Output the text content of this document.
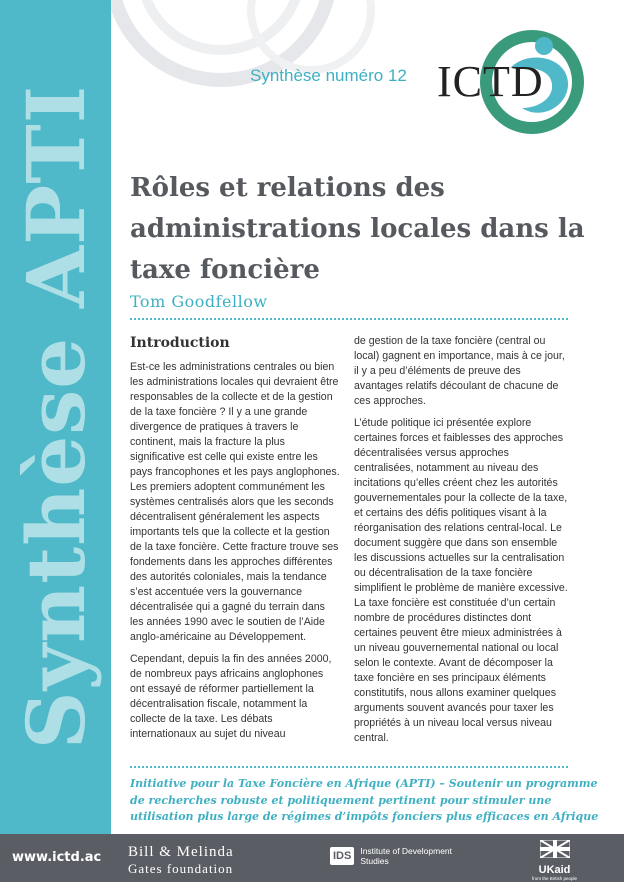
Synthèse APTI
Synthèse numéro 12 ICTD
Rôles et relations des administrations locales dans la taxe foncière
Tom Goodfellow
Introduction

Est-ce les administrations centrales ou bien les administrations locales qui devraient être responsables de la collecte et de la gestion de la taxe foncière ? Il y a une grande divergence de pratiques à travers le continent, mais la fracture la plus significative est celle qui existe entre les pays francophones et les pays anglophones. Les premiers adoptent communément les systèmes centralisés alors que les seconds décentralisent généralement les aspects importants tels que la collecte et la gestion de la taxe foncière. Cette fracture trouve ses fondements dans les approches différentes des autorités coloniales, mais la tendance s’est accentuée vers la gouvernance décentralisée qui a gagné du terrain dans les années 1990 avec le soutien de l’Aide anglo-américaine au Développement.

Cependant, depuis la fin des années 2000, de nombreux pays africains anglophones ont essayé de réformer partiellement la décentralisation fiscale, notamment la collecte de la taxe. Les débats internationaux au sujet du niveau

de gestion de la taxe foncière (central ou local) gagnent en importance, mais à ce jour, il y a peu d’éléments de preuve des avantages relatifs découlant de chacune de ces approches.

L’étude politique ici présentée explore certaines forces et faiblesses des approches décentralisées versus approches centralisées, notamment au niveau des incitations qu’elles créent chez les autorités gouvernementales pour la collecte de la taxe, et certains des défis politiques visant à la réorganisation des relations central-local. Le document suggère que dans son ensemble les discussions actuelles sur la centralisation ou décentralisation de la taxe foncière simplifient le problème de manière excessive. La taxe foncière est constituée d’un certain nombre de procédures distinctes dont certaines peuvent être mieux administrées à un niveau gouvernemental national ou local selon le contexte. Avant de décomposer la taxe foncière en ses principaux éléments constitutifs, nous allons examiner quelques arguments souvent avancés pour taxer les propriétés à un niveau local versus niveau central.

Initiative pour la Taxe Foncière en Afrique (APTI) – Soutenir un programme de recherches robuste et politiquement pertinent pour stimuler une utilisation plus large de régimes d’impôts fonciers plus efficaces en Afrique
www.ictd.ac Bill & Melinda
Gates foundation
IDS	Institute of Development Studies
UKaid
from the British people
